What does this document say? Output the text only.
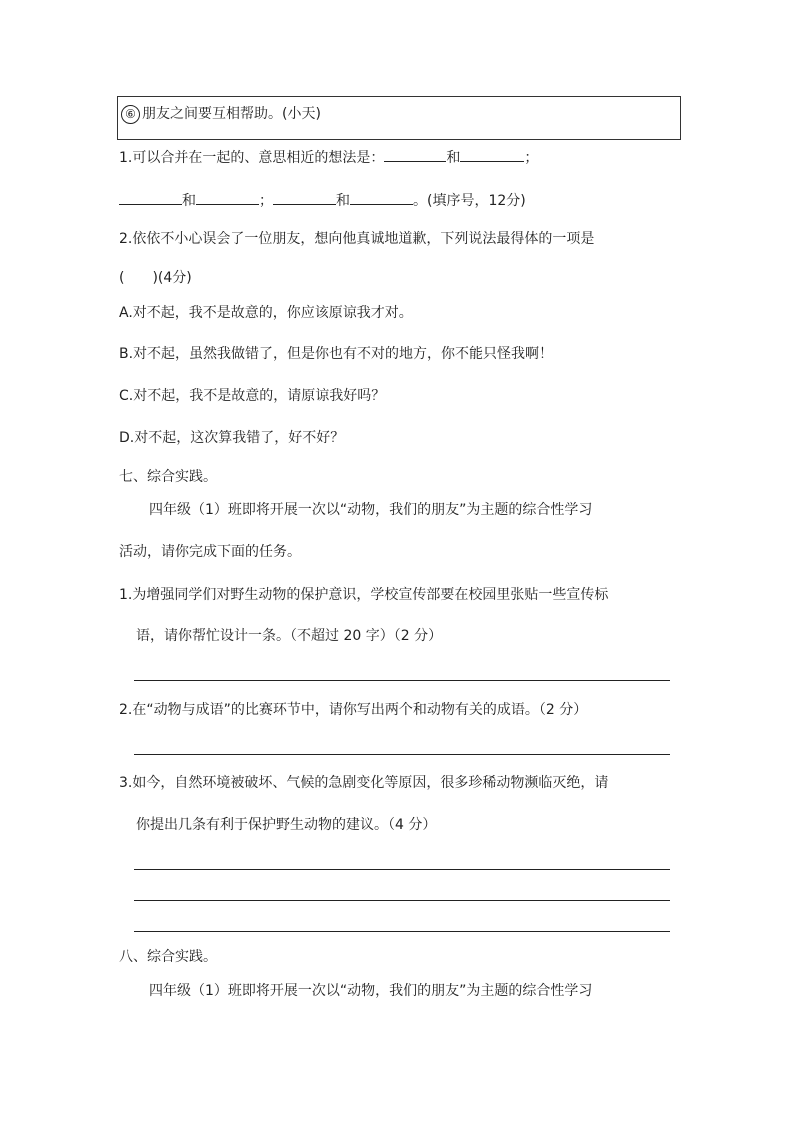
⑥ 朋友之间要互相帮助。(小天)
1.可以合并在一起的、意思相近的想法是：	和	；
和	；	和	。(填序号，12分)
2.依依不小心误会了一位朋友，想向他真诚地道歉，下列说法最得体的一项是
(　　)(4分)
A.对不起，我不是故意的，你应该原谅我才对。
B.对不起，虽然我做错了，但是你也有不对的地方，你不能只怪我啊！
C.对不起，我不是故意的，请原谅我好吗？
D.对不起，这次算我错了，好不好？
七、综合实践。
四年级（1）班即将开展一次以“动物，我们的朋友”为主题的综合性学习
活动，请你完成下面的任务。
1.为增强同学们对野生动物的保护意识，学校宣传部要在校园里张贴一些宣传标
语，请你帮忙设计一条。（不超过 20 字）（2 分）
2.在“动物与成语”的比赛环节中，请你写出两个和动物有关的成语。（2 分）
3.如今，自然环境被破坏、气候的急剧变化等原因，很多珍稀动物濒临灭绝，请
你提出几条有利于保护野生动物的建议。（4 分）
八、综合实践。
四年级（1）班即将开展一次以“动物，我们的朋友”为主题的综合性学习
